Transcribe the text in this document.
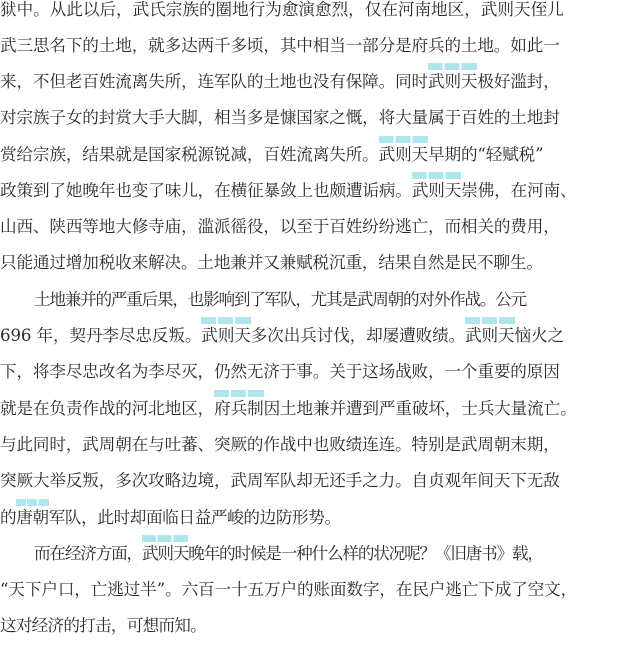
狱中。从此以后，武氏宗族的圈地行为愈演愈烈，仅在河南地区，武则天侄儿
武三思名下的土地，就多达两千多顷，其中相当一部分是府兵的土地。如此一
来，不但老百姓流离失所，连军队的土地也没有保障。同时武则天极好滥封，
对宗族子女的封赏大手大脚，相当多是慷国家之慨，将大量属于百姓的土地封
赏给宗族，结果就是国家税源锐减，百姓流离失所。武则天早期的“轻赋税”
政策到了她晚年也变了味儿，在横征暴敛上也颇遭诟病。武则天崇佛，在河南、
山西、陕西等地大修寺庙，滥派徭役，以至于百姓纷纷逃亡，而相关的费用，
只能通过增加税收来解决。土地兼并又兼赋税沉重，结果自然是民不聊生。
土地兼并的严重后果，也影响到了军队，尤其是武周朝的对外作战。公元
696 年，契丹李尽忠反叛。武则天多次出兵讨伐，却屡遭败绩。武则天恼火之
下，将李尽忠改名为李尽灭，仍然无济于事。关于这场战败，一个重要的原因
就是在负责作战的河北地区，府兵制因土地兼并遭到严重破坏，士兵大量流亡。
与此同时，武周朝在与吐蕃、突厥的作战中也败绩连连。特别是武周朝末期，
突厥大举反叛，多次攻略边境，武周军队却无还手之力。自贞观年间天下无敌
的唐朝军队，此时却面临日益严峻的边防形势。
而在经济方面，武则天晚年的时候是一种什么样的状况呢？《旧唐书》载，
“天下户口，亡逃过半”。六百一十五万户的账面数字，在民户逃亡下成了空文，
这对经济的打击，可想而知。
